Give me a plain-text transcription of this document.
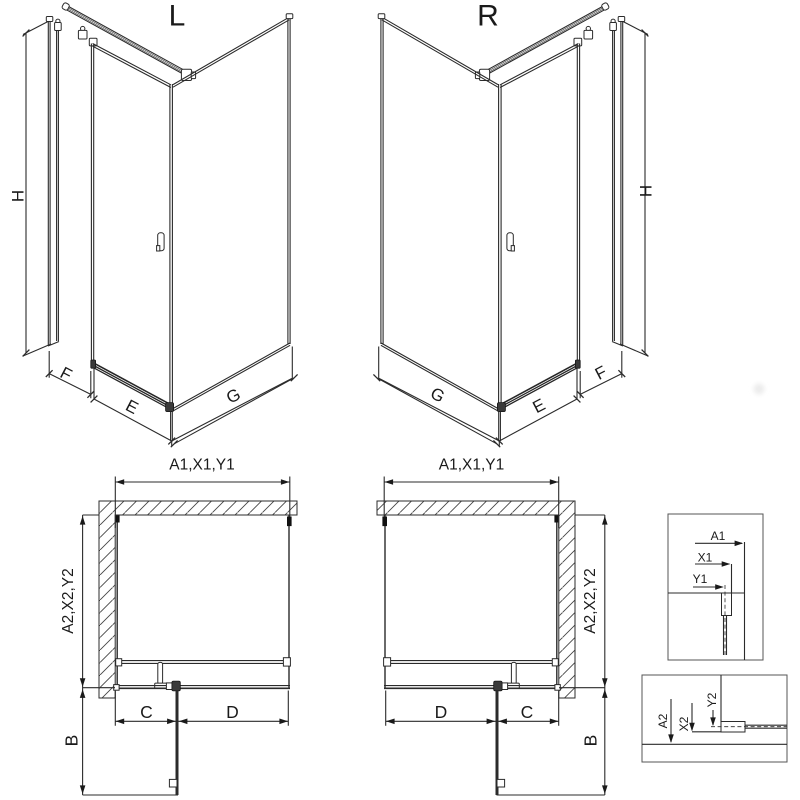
L	R
H	H
F
E	G
F
E
G
A1,X1,Y1
A2,X2,Y2
B
C	D
A1,X1,Y1
A2,X2,Y2
B
D	C
A1
X1
Y1
A2 X2
Y2
